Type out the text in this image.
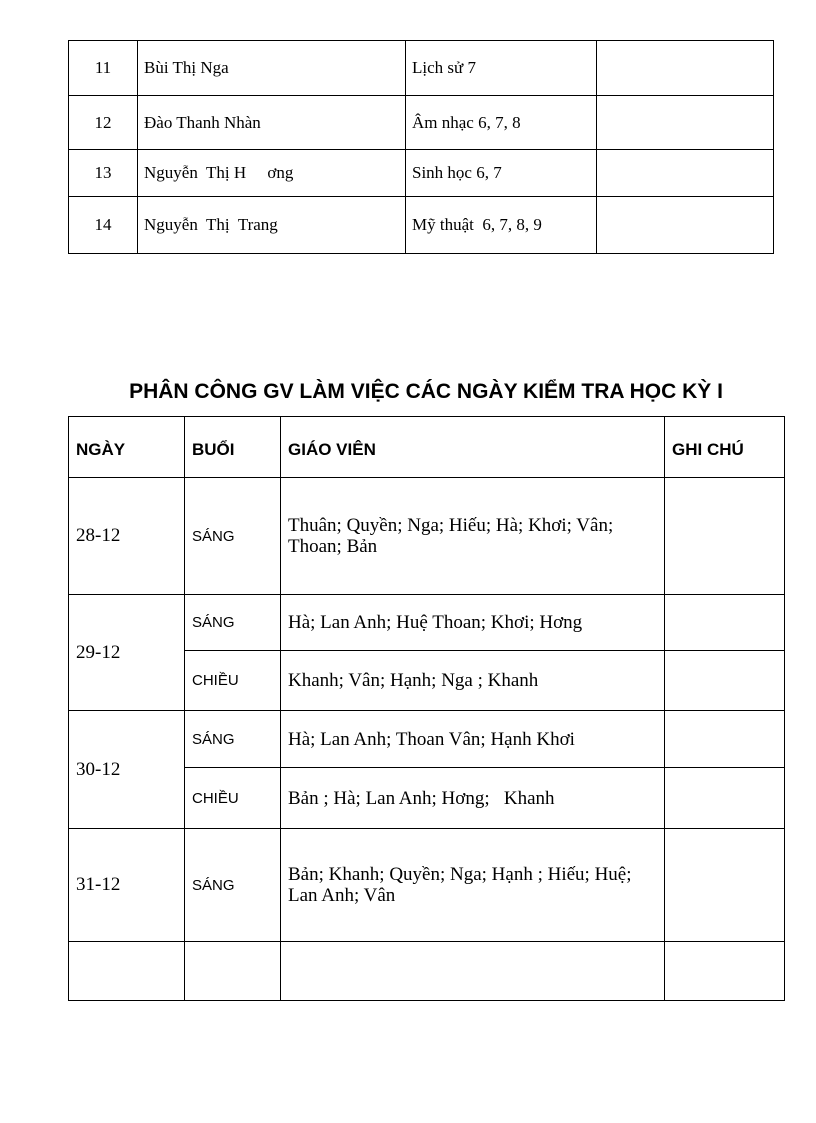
11	Bùi Thị Nga	Lịch sử 7	
12	Đào Thanh Nhàn	Âm nhạc 6, 7, 8	
13	Nguyễn  Thị H     ơng	Sinh học 6, 7	
14	Nguyễn  Thị  Trang	Mỹ thuật  6, 7, 8, 9	
PHÂN CÔNG GV LÀM VIỆC CÁC NGÀY KIỂM TRA HỌC KỲ I
NGÀY	BUỔI	GIÁO VIÊN	GHI CHÚ
28-12	SÁNG	Thuân; Quyền; Nga; Hiếu; Hà; Khơi; Vân; Thoan; Bản	
29-12	SÁNG	Hà; Lan Anh; Huệ Thoan; Khơi; Hơng	
	CHIỀU	Khanh; Vân; Hạnh; Nga ; Khanh	
30-12	SÁNG	Hà; Lan Anh; Thoan Vân; Hạnh Khơi	
	CHIỀU	Bản ; Hà; Lan Anh; Hơng;   Khanh	
31-12	SÁNG	Bản; Khanh; Quyền; Nga; Hạnh ; Hiếu; Huệ; Lan Anh; Vân	
